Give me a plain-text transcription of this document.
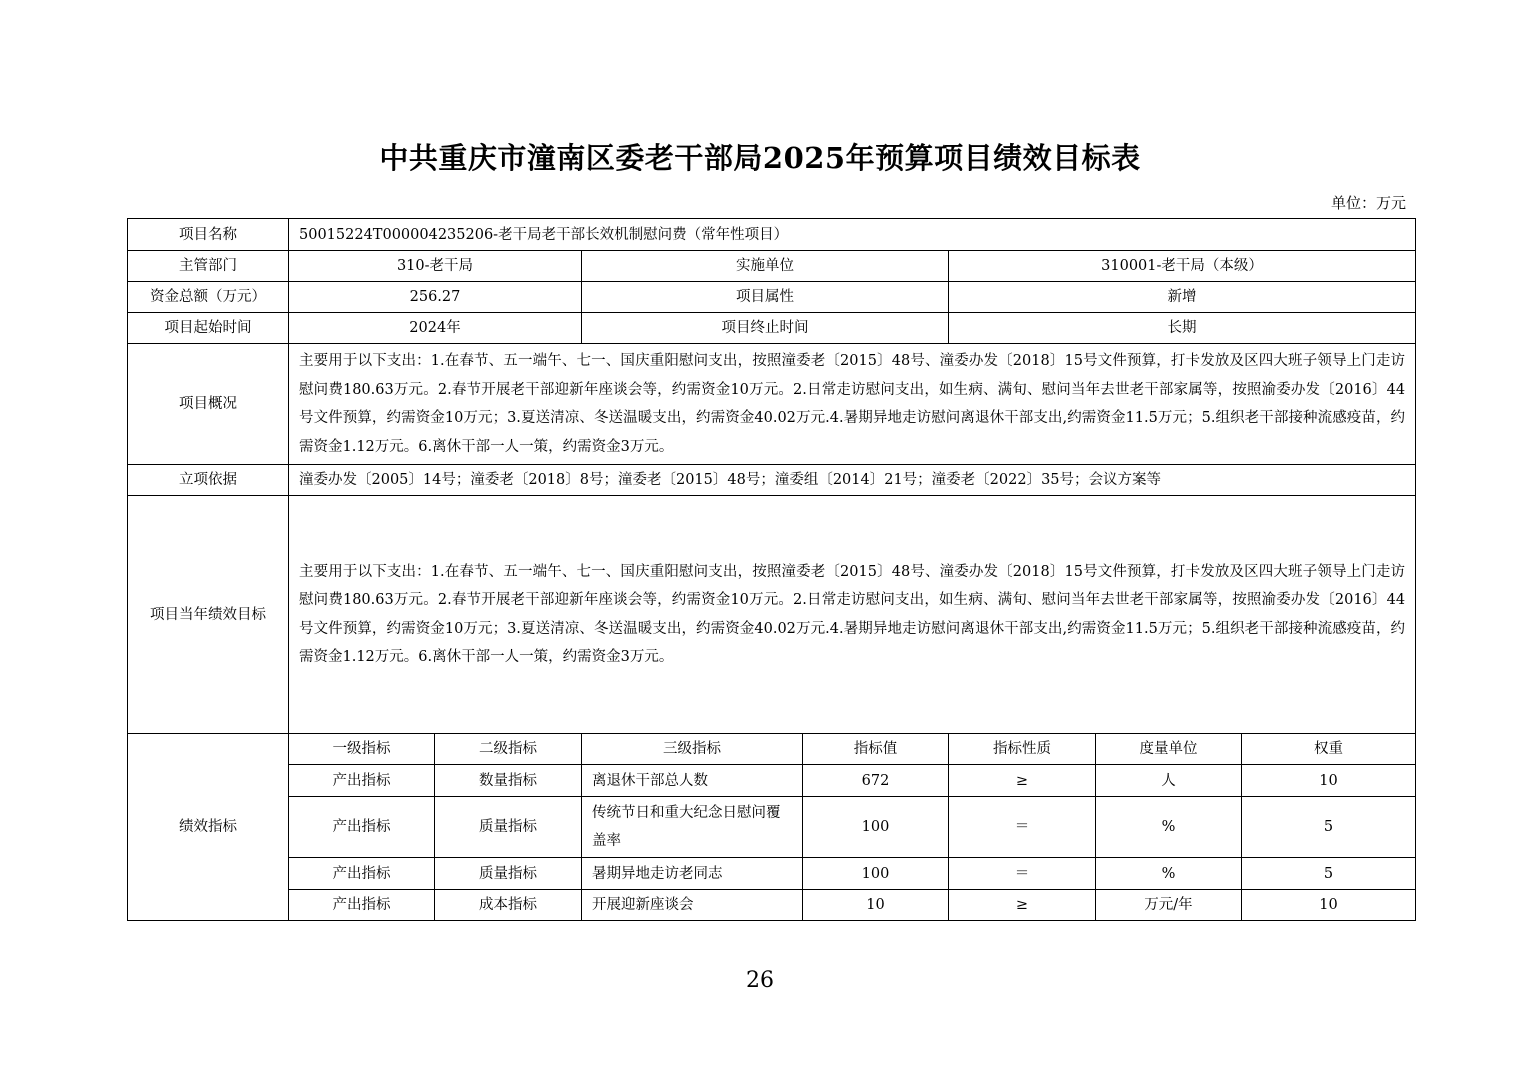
中共重庆市潼南区委老干部局2025年预算项目绩效目标表
单位：万元
项目名称	50015224T000004235206-老干局老干部长效机制慰问费（常年性项目）						
主管部门	310-老干局		实施单位		310001-老干局（本级）		
资金总额（万元）	256.27		项目属性		新增		
项目起始时间	2024年		项目终止时间		长期		
项目概况	主要用于以下支出：1.在春节、五一端午、七一、国庆重阳慰问支出，按照潼委老〔2015〕48号、潼委办发〔2018〕15号文件预算，打卡发放及区四大班子领导上门走访慰问费180.63万元。2.春节开展老干部迎新年座谈会等，约需资金10万元。2.日常走访慰问支出，如生病、满旬、慰问当年去世老干部家属等，按照渝委办发〔2016〕44号文件预算，约需资金10万元；3.夏送清凉、冬送温暖支出，约需资金40.02万元.4.暑期异地走访慰问离退休干部支出,约需资金11.5万元；5.组织老干部接种流感疫苗，约需资金1.12万元。6.离休干部一人一策，约需资金3万元。						
立项依据	潼委办发〔2005〕14号；潼委老〔2018〕8号；潼委老〔2015〕48号；潼委组〔2014〕21号；潼委老〔2022〕35号；会议方案等						
项目当年绩效目标	主要用于以下支出：1.在春节、五一端午、七一、国庆重阳慰问支出，按照潼委老〔2015〕48号、潼委办发〔2018〕15号文件预算，打卡发放及区四大班子领导上门走访慰问费180.63万元。2.春节开展老干部迎新年座谈会等，约需资金10万元。2.日常走访慰问支出，如生病、满旬、慰问当年去世老干部家属等，按照渝委办发〔2016〕44号文件预算，约需资金10万元；3.夏送清凉、冬送温暖支出，约需资金40.02万元.4.暑期异地走访慰问离退休干部支出,约需资金11.5万元；5.组织老干部接种流感疫苗，约需资金1.12万元。6.离休干部一人一策，约需资金3万元。						
绩效指标	一级指标	二级指标	三级指标	指标值	指标性质	度量单位	权重
	产出指标	数量指标	离退休干部总人数	672	≥	人	10
	产出指标	质量指标	传统节日和重大纪念日慰问覆盖率	100	＝	%	5
	产出指标	质量指标	暑期异地走访老同志	100	＝	%	5
	产出指标	成本指标	开展迎新座谈会	10	≥	万元/年	10
26
